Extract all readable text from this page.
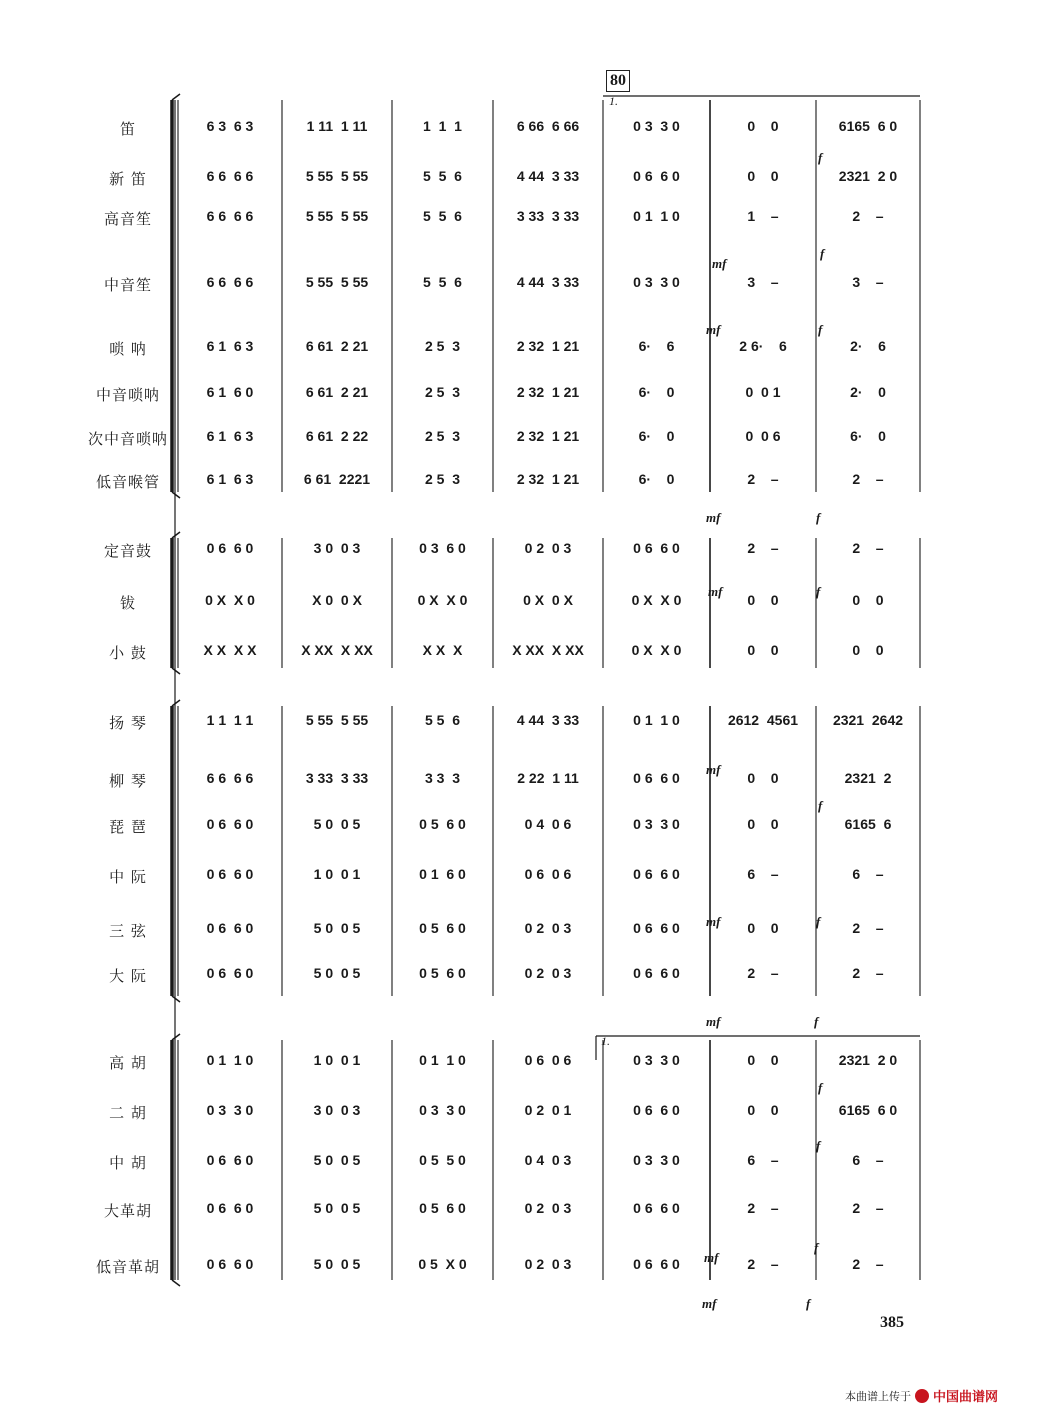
80
1.
1.
笛
新 笛
高音笙
中音笙
唢 呐
中音唢呐
次中音唢呐
低音喉管
定音鼓
钹
小 鼓
扬 琴
柳 琴
琵 琶
中 阮
三 弦
大 阮
高 胡
二 胡
中 胡
大革胡
低音革胡
6 3  6 3	1 11  1 11	1  1  1	6 66  6 66	0 3  3 0	0    0	6165  6 0
6 6  6 6	5 55  5 55	5  5  6	4 44  3 33	0 6  6 0	0    0	2321  2 0
6 6  6 6	5 55  5 55	5  5  6	3 33  3 33	0 1  1 0	1    –	2    –
6 6  6 6	5 55  5 55	5  5  6	4 44  3 33	0 3  3 0	3    –	3    –
6 1  6 3	6 61  2 21	2 5  3	2 32  1 21	6·    6	2 6·    6	2·    6
6 1  6 0	6 61  2 21	2 5  3	2 32  1 21	6·    0	0  0 1	2·    0
6 1  6 3	6 61  2 22	2 5  3	2 32  1 21	6·    0	0  0 6	6·    0
6 1  6 3	6 61  2221	2 5  3	2 32  1 21	6·    0	2    –	2    –
0 6  6 0	3 0  0 3	0 3  6 0	0 2  0 3	0 6  6 0	2    –	2    –
0 X  X 0	X 0  0 X	0 X  X 0	0 X  0 X	0 X  X 0	0    0	0    0
X X  X X	X XX  X XX	X X  X	X XX  X XX	0 X  X 0	0    0	0    0
1 1  1 1	5 55  5 55	5 5  6	4 44  3 33	0 1  1 0	2612  4561	2321  2642
6 6  6 6	3 33  3 33	3 3  3	2 22  1 11	0 6  6 0	0    0	2321  2
0 6  6 0	5 0  0 5	0 5  6 0	0 4  0 6	0 3  3 0	0    0	6165  6
0 6  6 0	1 0  0 1	0 1  6 0	0 6  0 6	0 6  6 0	6    –	6    –
0 6  6 0	5 0  0 5	0 5  6 0	0 2  0 3	0 6  6 0	0    0	2    –
0 6  6 0	5 0  0 5	0 5  6 0	0 2  0 3	0 6  6 0	2    –	2    –
0 1  1 0	1 0  0 1	0 1  1 0	0 6  0 6	0 3  3 0	0    0	2321  2 0
0 3  3 0	3 0  0 3	0 3  3 0	0 2  0 1	0 6  6 0	0    0	6165  6 0
0 6  6 0	5 0  0 5	0 5  5 0	0 4  0 3	0 3  3 0	6    –	6    –
0 6  6 0	5 0  0 5	0 5  6 0	0 2  0 3	0 6  6 0	2    –	2    –
0 6  6 0	5 0  0 5	0 5  X 0	0 2  0 3	0 6  6 0	2    –	2    –
mf
f
mf	f
mf	f
mf	f
mf
f
mf	f
mf	f
mf
f
mf	f
f
f
f
385
本曲谱上传于 中国曲谱网
